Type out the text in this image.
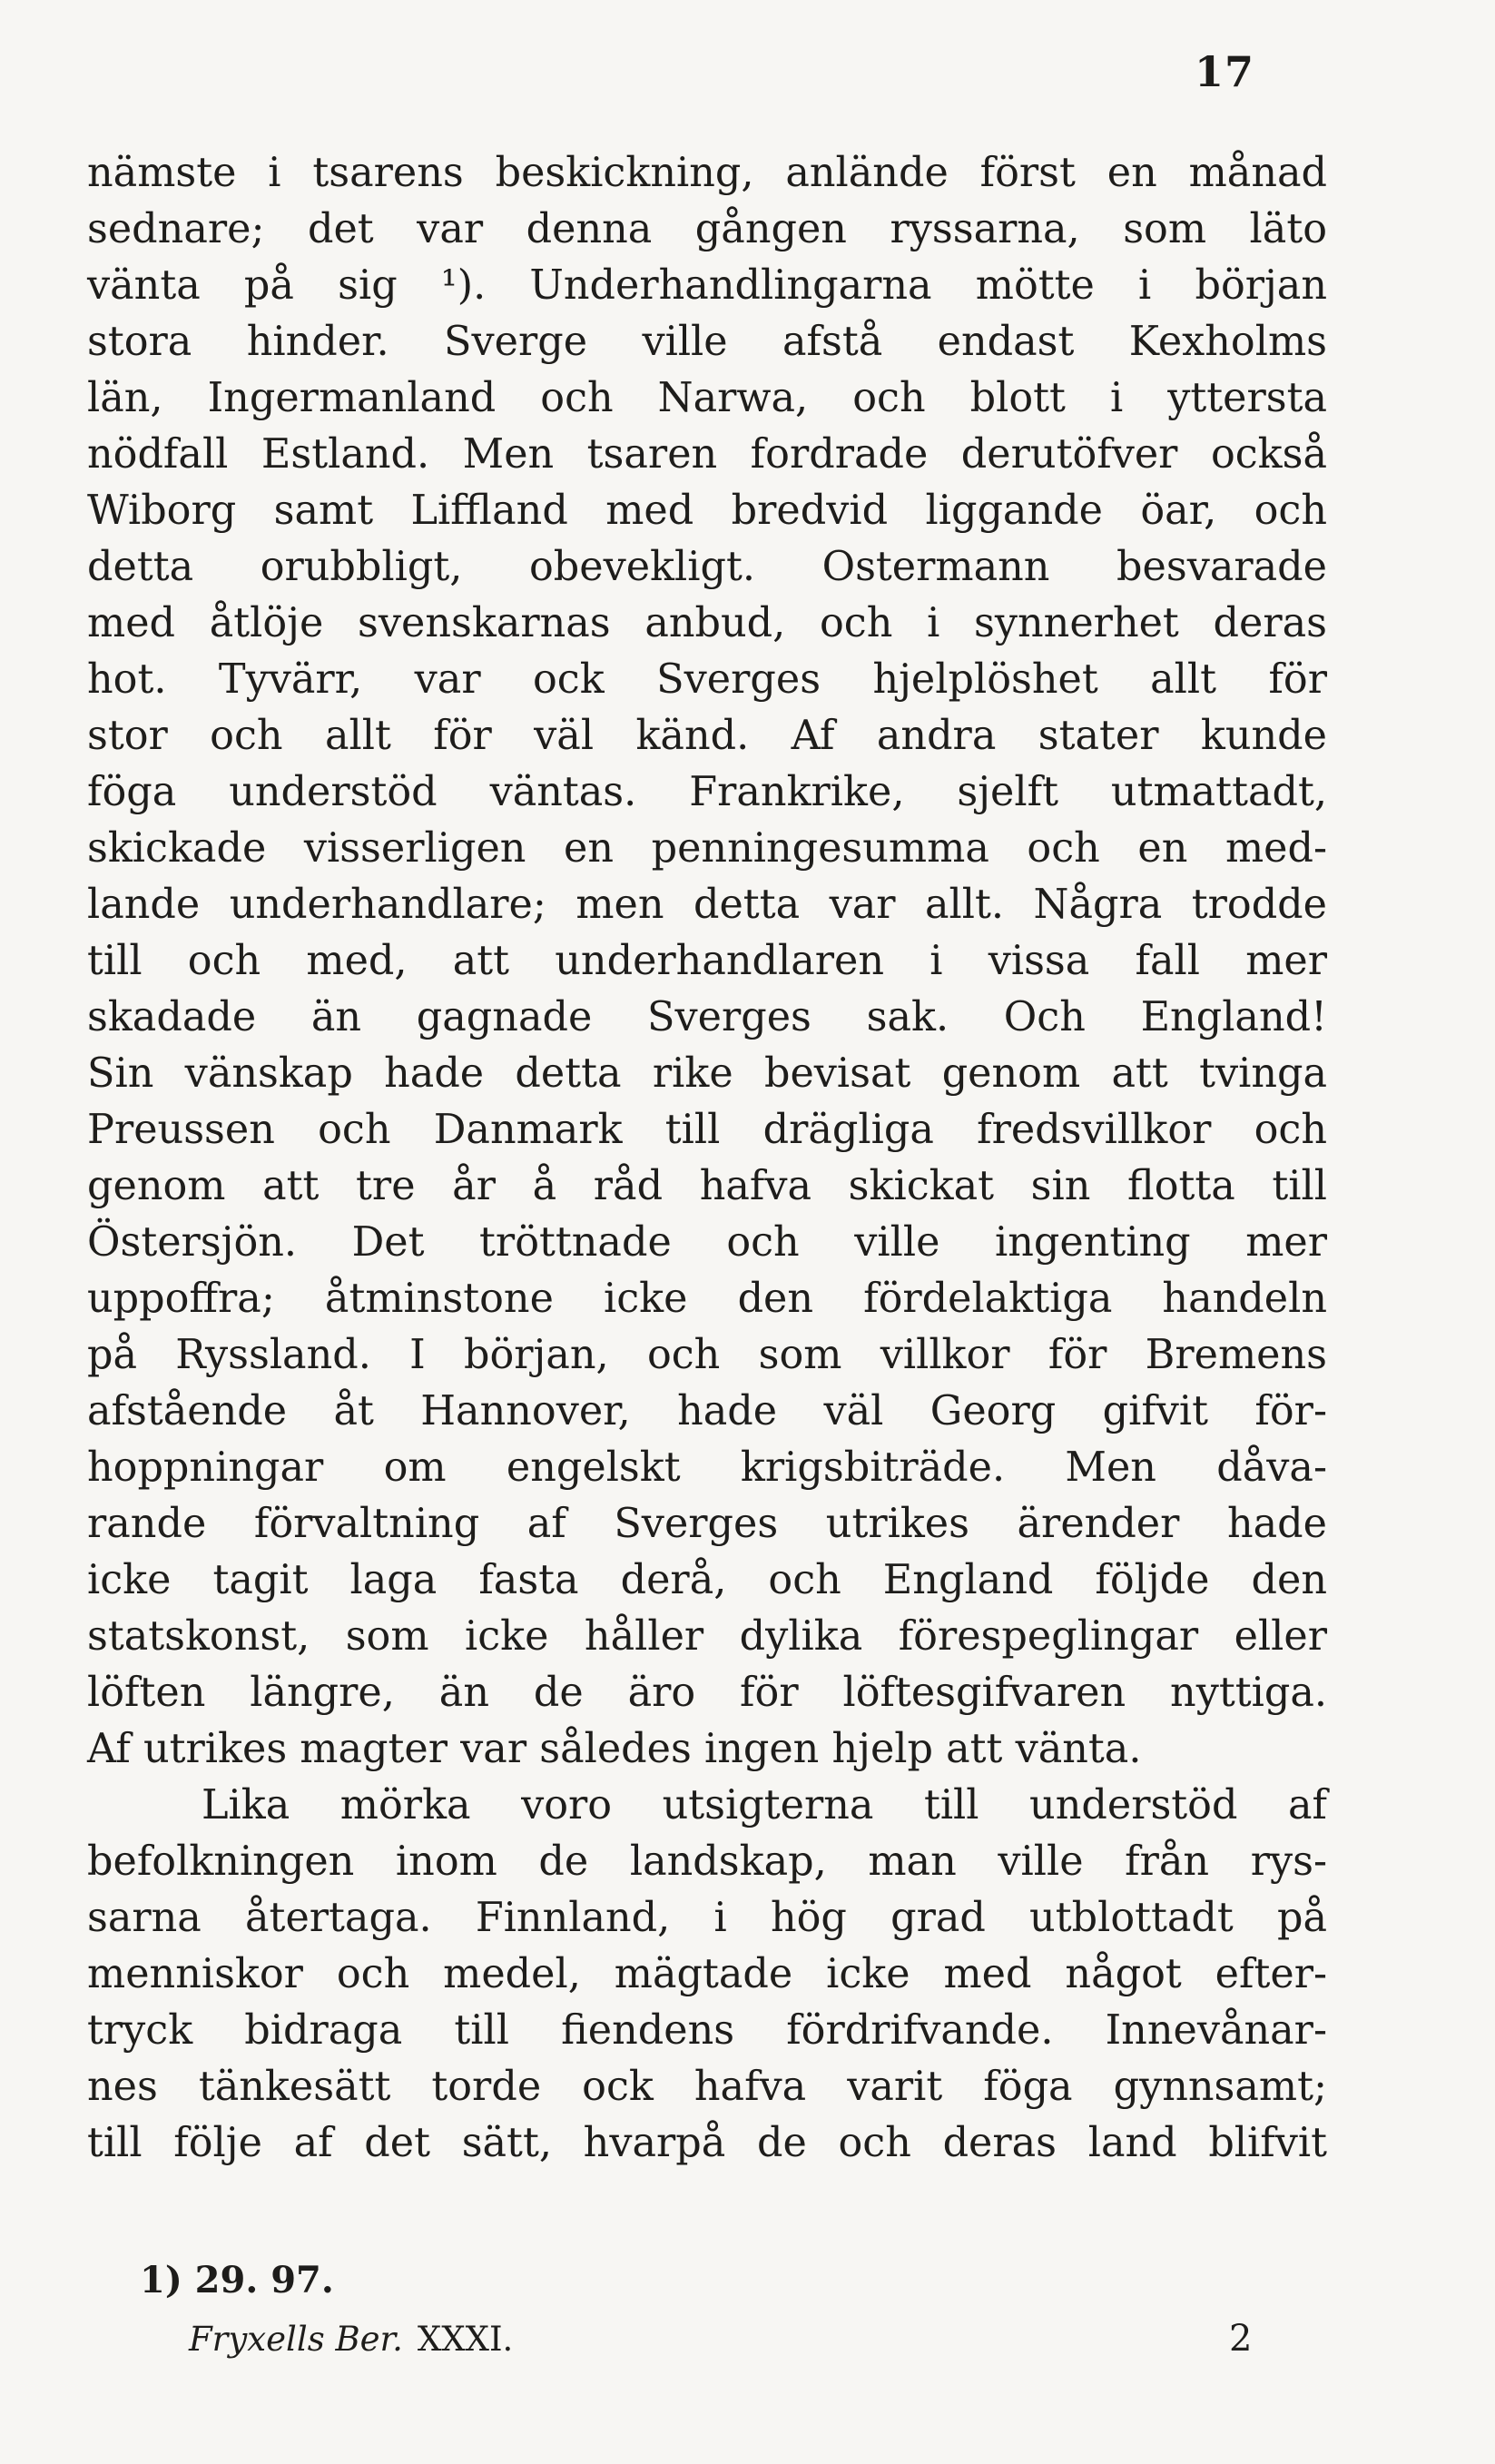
17
nämste i tsarens beskickning, anlände först en månad
sednare; det var denna gången ryssarna, som läto
vänta på sig ¹). Underhandlingarna mötte i början
stora hinder. Sverge ville afstå endast Kexholms
län, Ingermanland och Narwa, och blott i yttersta
nödfall Estland. Men tsaren fordrade derutöfver också
Wiborg samt Liffland med bredvid liggande öar, och
detta orubbligt, obevekligt. Ostermann besvarade
med åtlöje svenskarnas anbud, och i synnerhet deras
hot. Tyvärr, var ock Sverges hjelplöshet allt för
stor och allt för väl känd. Af andra stater kunde
föga understöd väntas. Frankrike, sjelft utmattadt,
skickade visserligen en penningesumma och en med-
lande underhandlare; men detta var allt. Några trodde
till och med, att underhandlaren i vissa fall mer
skadade än gagnade Sverges sak. Och England!
Sin vänskap hade detta rike bevisat genom att tvinga
Preussen och Danmark till drägliga fredsvillkor och
genom att tre år å råd hafva skickat sin flotta till
Östersjön. Det tröttnade och ville ingenting mer
uppoffra; åtminstone icke den fördelaktiga handeln
på Ryssland. I början, och som villkor för Bremens
afstående åt Hannover, hade väl Georg gifvit för-
hoppningar om engelskt krigsbiträde. Men dåva-
rande förvaltning af Sverges utrikes ärender hade
icke tagit laga fasta derå, och England följde den
statskonst, som icke håller dylika förespeglingar eller
löften längre, än de äro för löftesgifvaren nyttiga.
Af utrikes magter var således ingen hjelp att vänta.
Lika mörka voro utsigterna till understöd af
befolkningen inom de landskap, man ville från rys-
sarna återtaga. Finnland, i hög grad utblottadt på
menniskor och medel, mägtade icke med något efter-
tryck bidraga till fiendens fördrifvande. Innevånar-
nes tänkesätt torde ock hafva varit föga gynnsamt;
till följe af det sätt, hvarpå de och deras land blifvit
1) 29. 97.
Fryxells Ber. XXXI.	2
